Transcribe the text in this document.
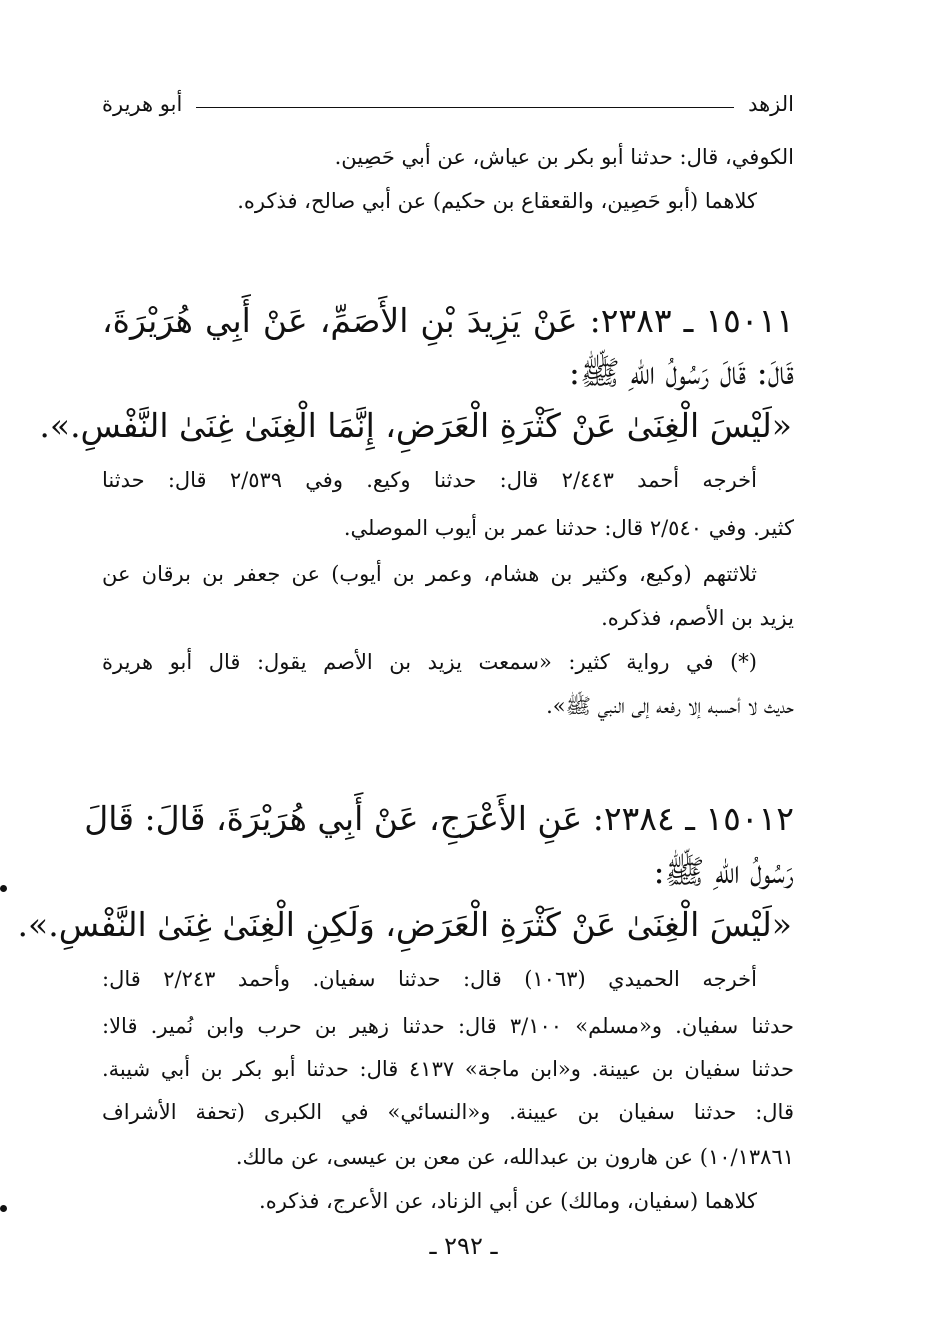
الزهد
أبو هريرة
الكوفي، قال: حدثنا أبو بكر بن عياش، عن أبي حَصِين.
كلاهما (أبو حَصِين، والقعقاع بن حكيم) عن أبي صالح، فذكره.
١٥٠١١ ـ ٢٣٨٣: عَنْ يَزِيدَ بْنِ الأَصَمِّ، عَنْ أَبِي هُرَيْرَةَ،
قَالَ: قَالَ رَسُولُ اللهِ ﷺ:
«لَيْسَ الْغِنَىٰ عَنْ كَثْرَةِ الْعَرَضِ، إِنَّمَا الْغِنَىٰ غِنَىٰ النَّفْسِ.».
أخرجه أحمد ٢/٤٤٣ قال: حدثنا وكيع. وفي ٢/٥٣٩ قال: حدثنا
كثير. وفي ٢/٥٤٠ قال: حدثنا عمر بن أيوب الموصلي.
ثلاثتهم (وكيع، وكثير بن هشام، وعمر بن أيوب) عن جعفر بن برقان عن
يزيد بن الأصم، فذكره.
(*) في رواية كثير: «سمعت يزيد بن الأصم يقول: قال أبو هريرة
حديث لا أحسبه إلا رفعه إلى النبي ﷺ».
١٥٠١٢ ـ ٢٣٨٤: عَنِ الأَعْرَجِ، عَنْ أَبِي هُرَيْرَةَ، قَالَ: قَالَ
رَسُولُ اللهِ ﷺ:
«لَيْسَ الْغِنَىٰ عَنْ كَثْرَةِ الْعَرَضِ، وَلَكِنِ الْغِنَىٰ غِنَىٰ النَّفْسِ.».
أخرجه الحميدي (١٠٦٣) قال: حدثنا سفيان. وأحمد ٢/٢٤٣ قال:
حدثنا سفيان. و«مسلم» ٣/١٠٠ قال: حدثنا زهير بن حرب وابن نُمير. قالا:
حدثنا سفيان بن عيينة. و«ابن ماجة» ٤١٣٧ قال: حدثنا أبو بكر بن أبي شيبة.
قال: حدثنا سفيان بن عيينة. و«النسائي» في الكبرى (تحفة الأشراف
١٠/١٣٨٦١) عن هارون بن عبدالله، عن معن بن عيسى، عن مالك.
كلاهما (سفيان، ومالك) عن أبي الزناد، عن الأعرج، فذكره.
ـ ٢٩٢ ـ
